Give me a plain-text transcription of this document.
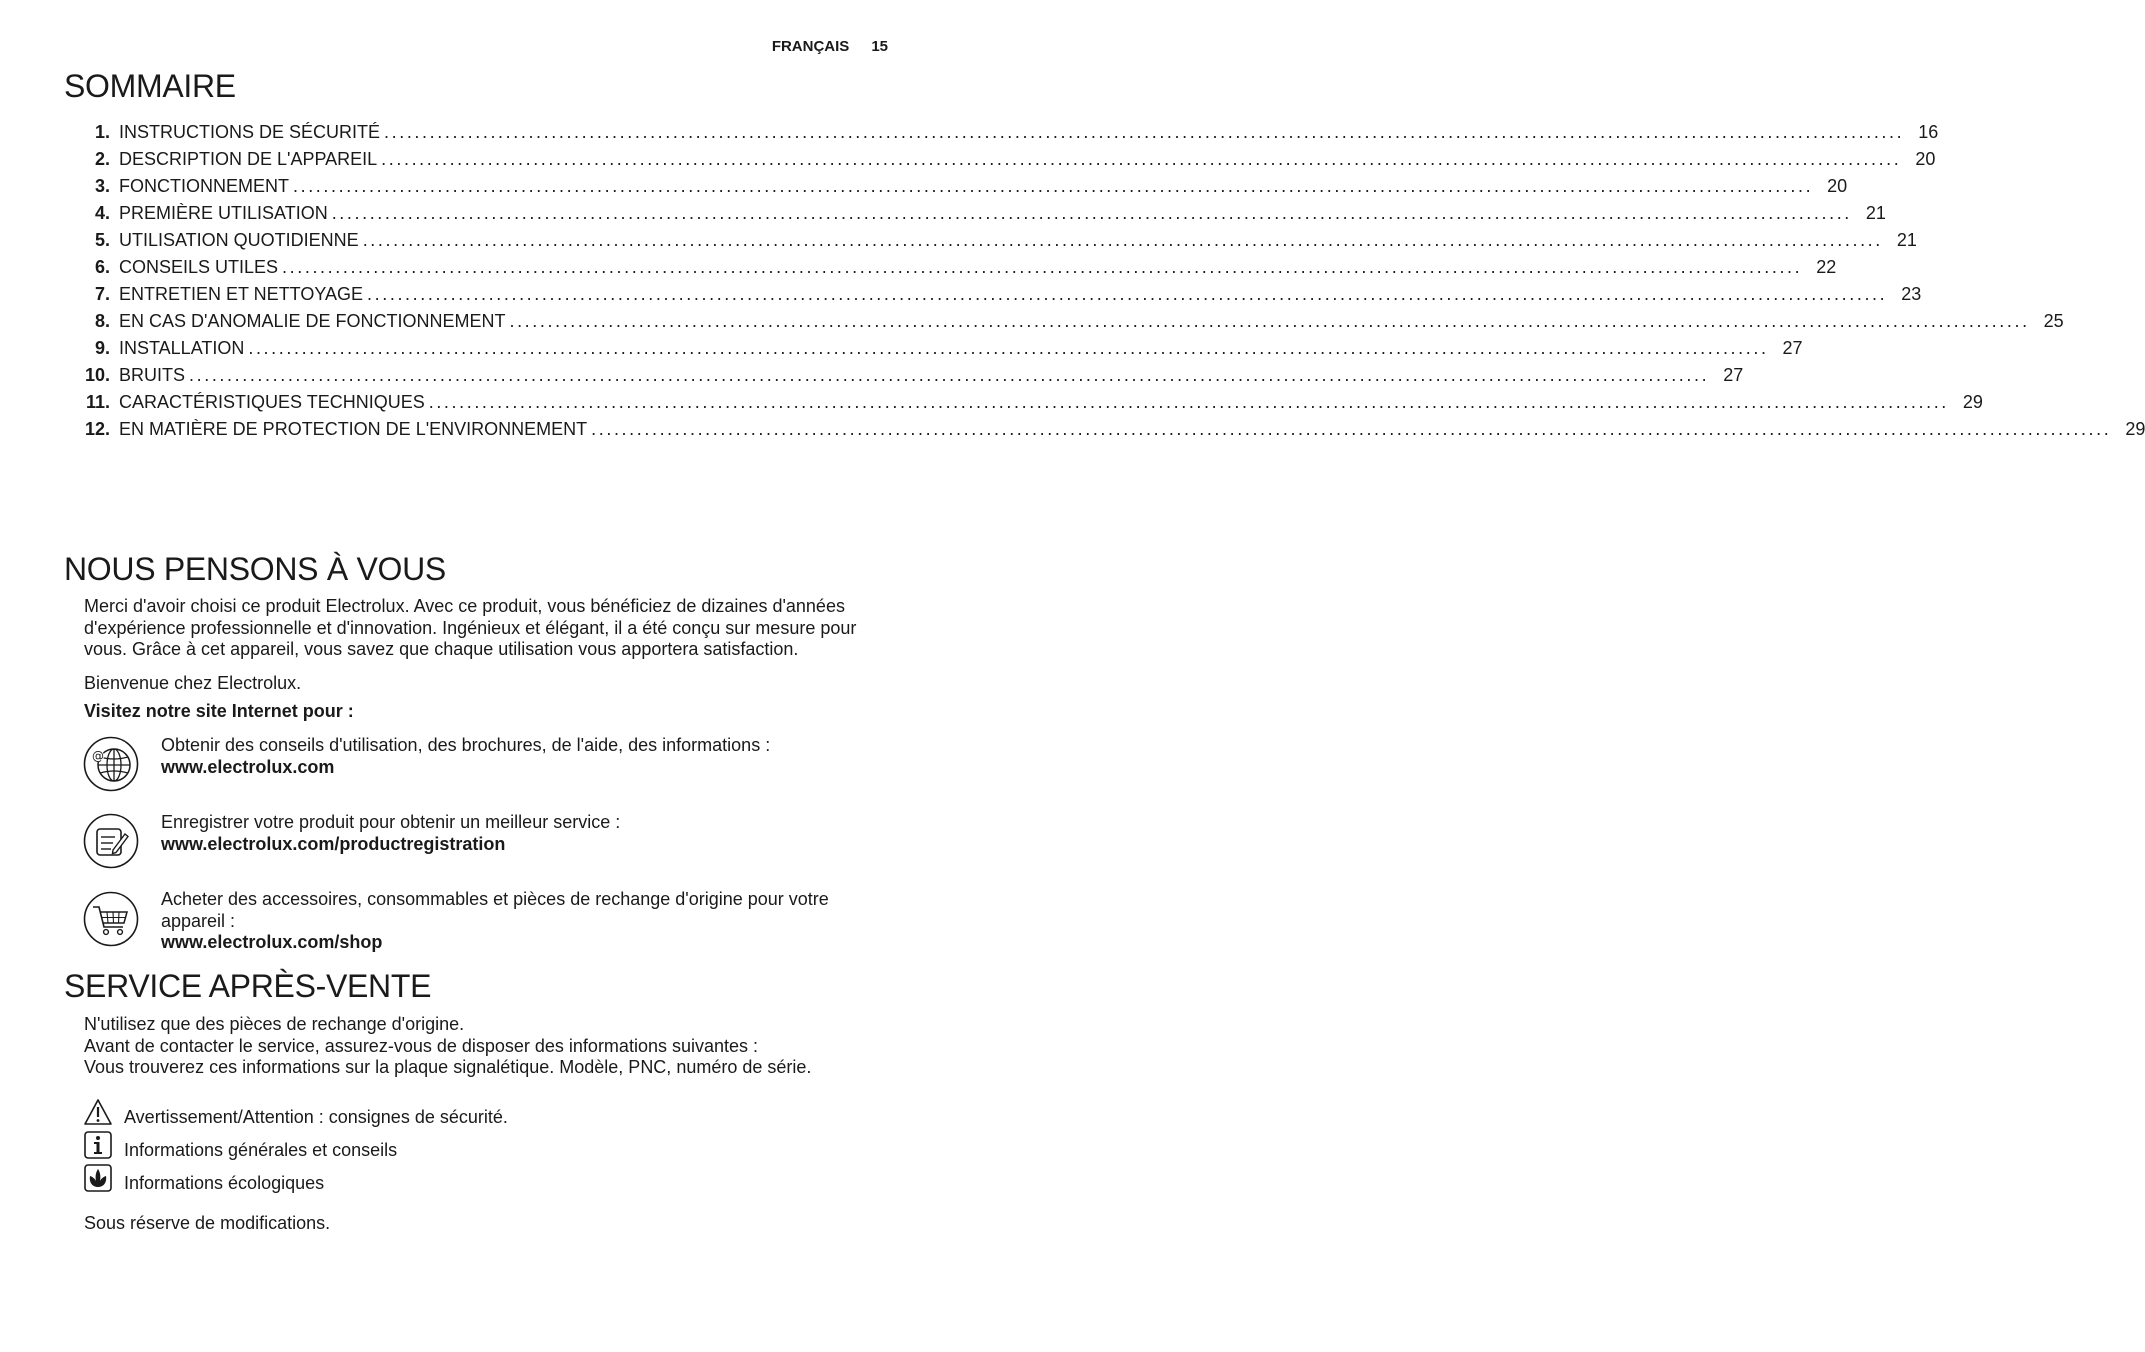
FRANÇAIS 15
SOMMAIRE
1. INSTRUCTIONS DE SÉCURITÉ ........................................................................................................................................................................................................ 16
2. DESCRIPTION DE L'APPAREIL ........................................................................................................................................................................................................ 20
3. FONCTIONNEMENT ........................................................................................................................................................................................................ 20
4. PREMIÈRE UTILISATION ........................................................................................................................................................................................................ 21
5. UTILISATION QUOTIDIENNE ........................................................................................................................................................................................................ 21
6. CONSEILS UTILES ........................................................................................................................................................................................................ 22
7. ENTRETIEN ET NETTOYAGE ........................................................................................................................................................................................................ 23
8. EN CAS D'ANOMALIE DE FONCTIONNEMENT ........................................................................................................................................................................................................ 25
9. INSTALLATION ........................................................................................................................................................................................................ 27
10. BRUITS ........................................................................................................................................................................................................ 27
11. CARACTÉRISTIQUES TECHNIQUES ........................................................................................................................................................................................................ 29
12. EN MATIÈRE DE PROTECTION DE L'ENVIRONNEMENT ........................................................................................................................................................................................................ 29
NOUS PENSONS À VOUS
Merci d'avoir choisi ce produit Electrolux. Avec ce produit, vous bénéficiez de dizaines d'années
d'expérience professionnelle et d'innovation. Ingénieux et élégant, il a été conçu sur mesure pour
vous. Grâce à cet appareil, vous savez que chaque utilisation vous apportera satisfaction.
Bienvenue chez Electrolux.
Visitez notre site Internet pour :
@
Obtenir des conseils d'utilisation, des brochures, de l'aide, des informations :
www.electrolux.com
Enregistrer votre produit pour obtenir un meilleur service :
www.electrolux.com/productregistration
Acheter des accessoires, consommables et pièces de rechange d'origine pour votre
appareil :
www.electrolux.com/shop
SERVICE APRÈS-VENTE
N'utilisez que des pièces de rechange d'origine.
Avant de contacter le service, assurez-vous de disposer des informations suivantes :
Vous trouverez ces informations sur la plaque signalétique. Modèle, PNC, numéro de série.
Avertissement/Attention : consignes de sécurité.
Informations générales et conseils
Informations écologiques
Sous réserve de modifications.
